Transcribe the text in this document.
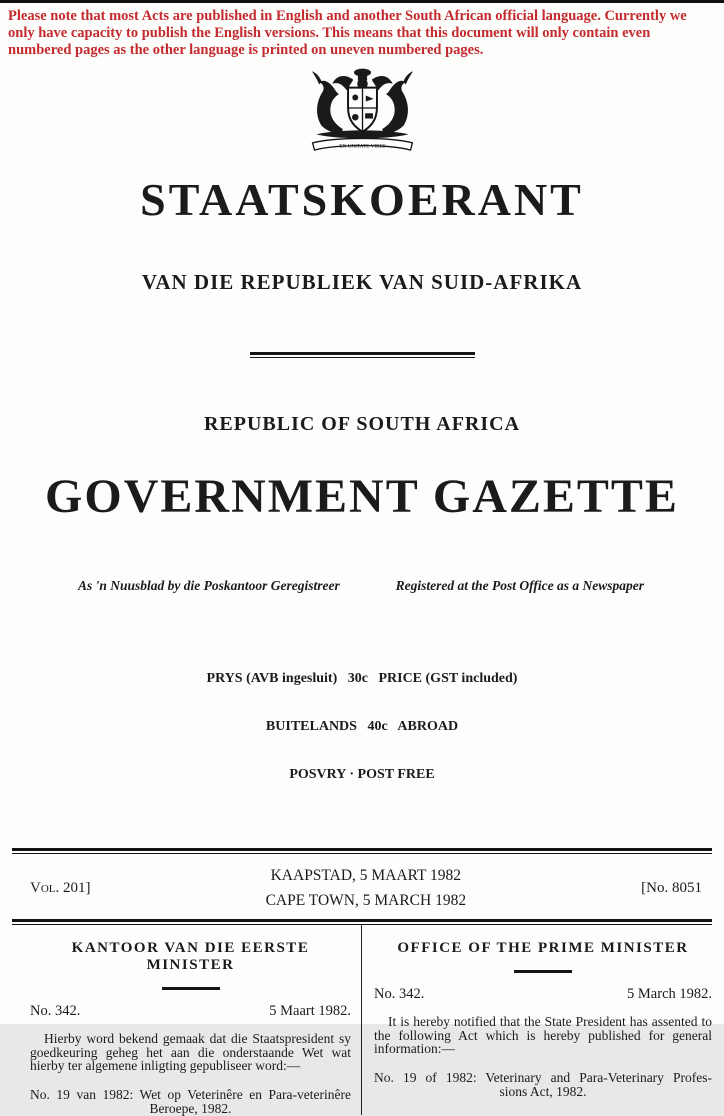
Please note that most Acts are published in English and another South African official language. Currently we only have capacity to publish the English versions. This means that this document will only contain even numbered pages as the other language is printed on uneven numbered pages.
EX UNITATE VIRES
STAATSKOERANT
VAN DIE REPUBLIEK VAN SUID-AFRIKA
REPUBLIC OF SOUTH AFRICA
GOVERNMENT GAZETTE
As 'n Nuusblad by die Poskantoor Geregistreer	Registered at the Post Office as a Newspaper

PRYS (AVB ingesluit)   30c   PRICE (GST included)

BUITELANDS   40c   ABROAD

POSVRY · POST FREE

Vol. 201]
KAAPSTAD, 5 MAART 1982
CAPE TOWN, 5 MARCH 1982
[No. 8051
KANTOOR VAN DIE EERSTE MINISTER
No. 342.	5 Maart 1982.
Hierby word bekend gemaak dat die Staatspresident sy goedkeuring geheg het aan die onderstaande Wet wat hierby ter algemene inligting gepubliseer word:—
No. 19 van 1982: Wet op Veterinêre en Para-veterinêre
Beroepe, 1982.
OFFICE OF THE PRIME MINISTER
No. 342.	5 March 1982.
It is hereby notified that the State President has assented to the following Act which is hereby published for general information:—
No. 19 of 1982: Veterinary and Para-Veterinary Profes-
sions Act, 1982.
